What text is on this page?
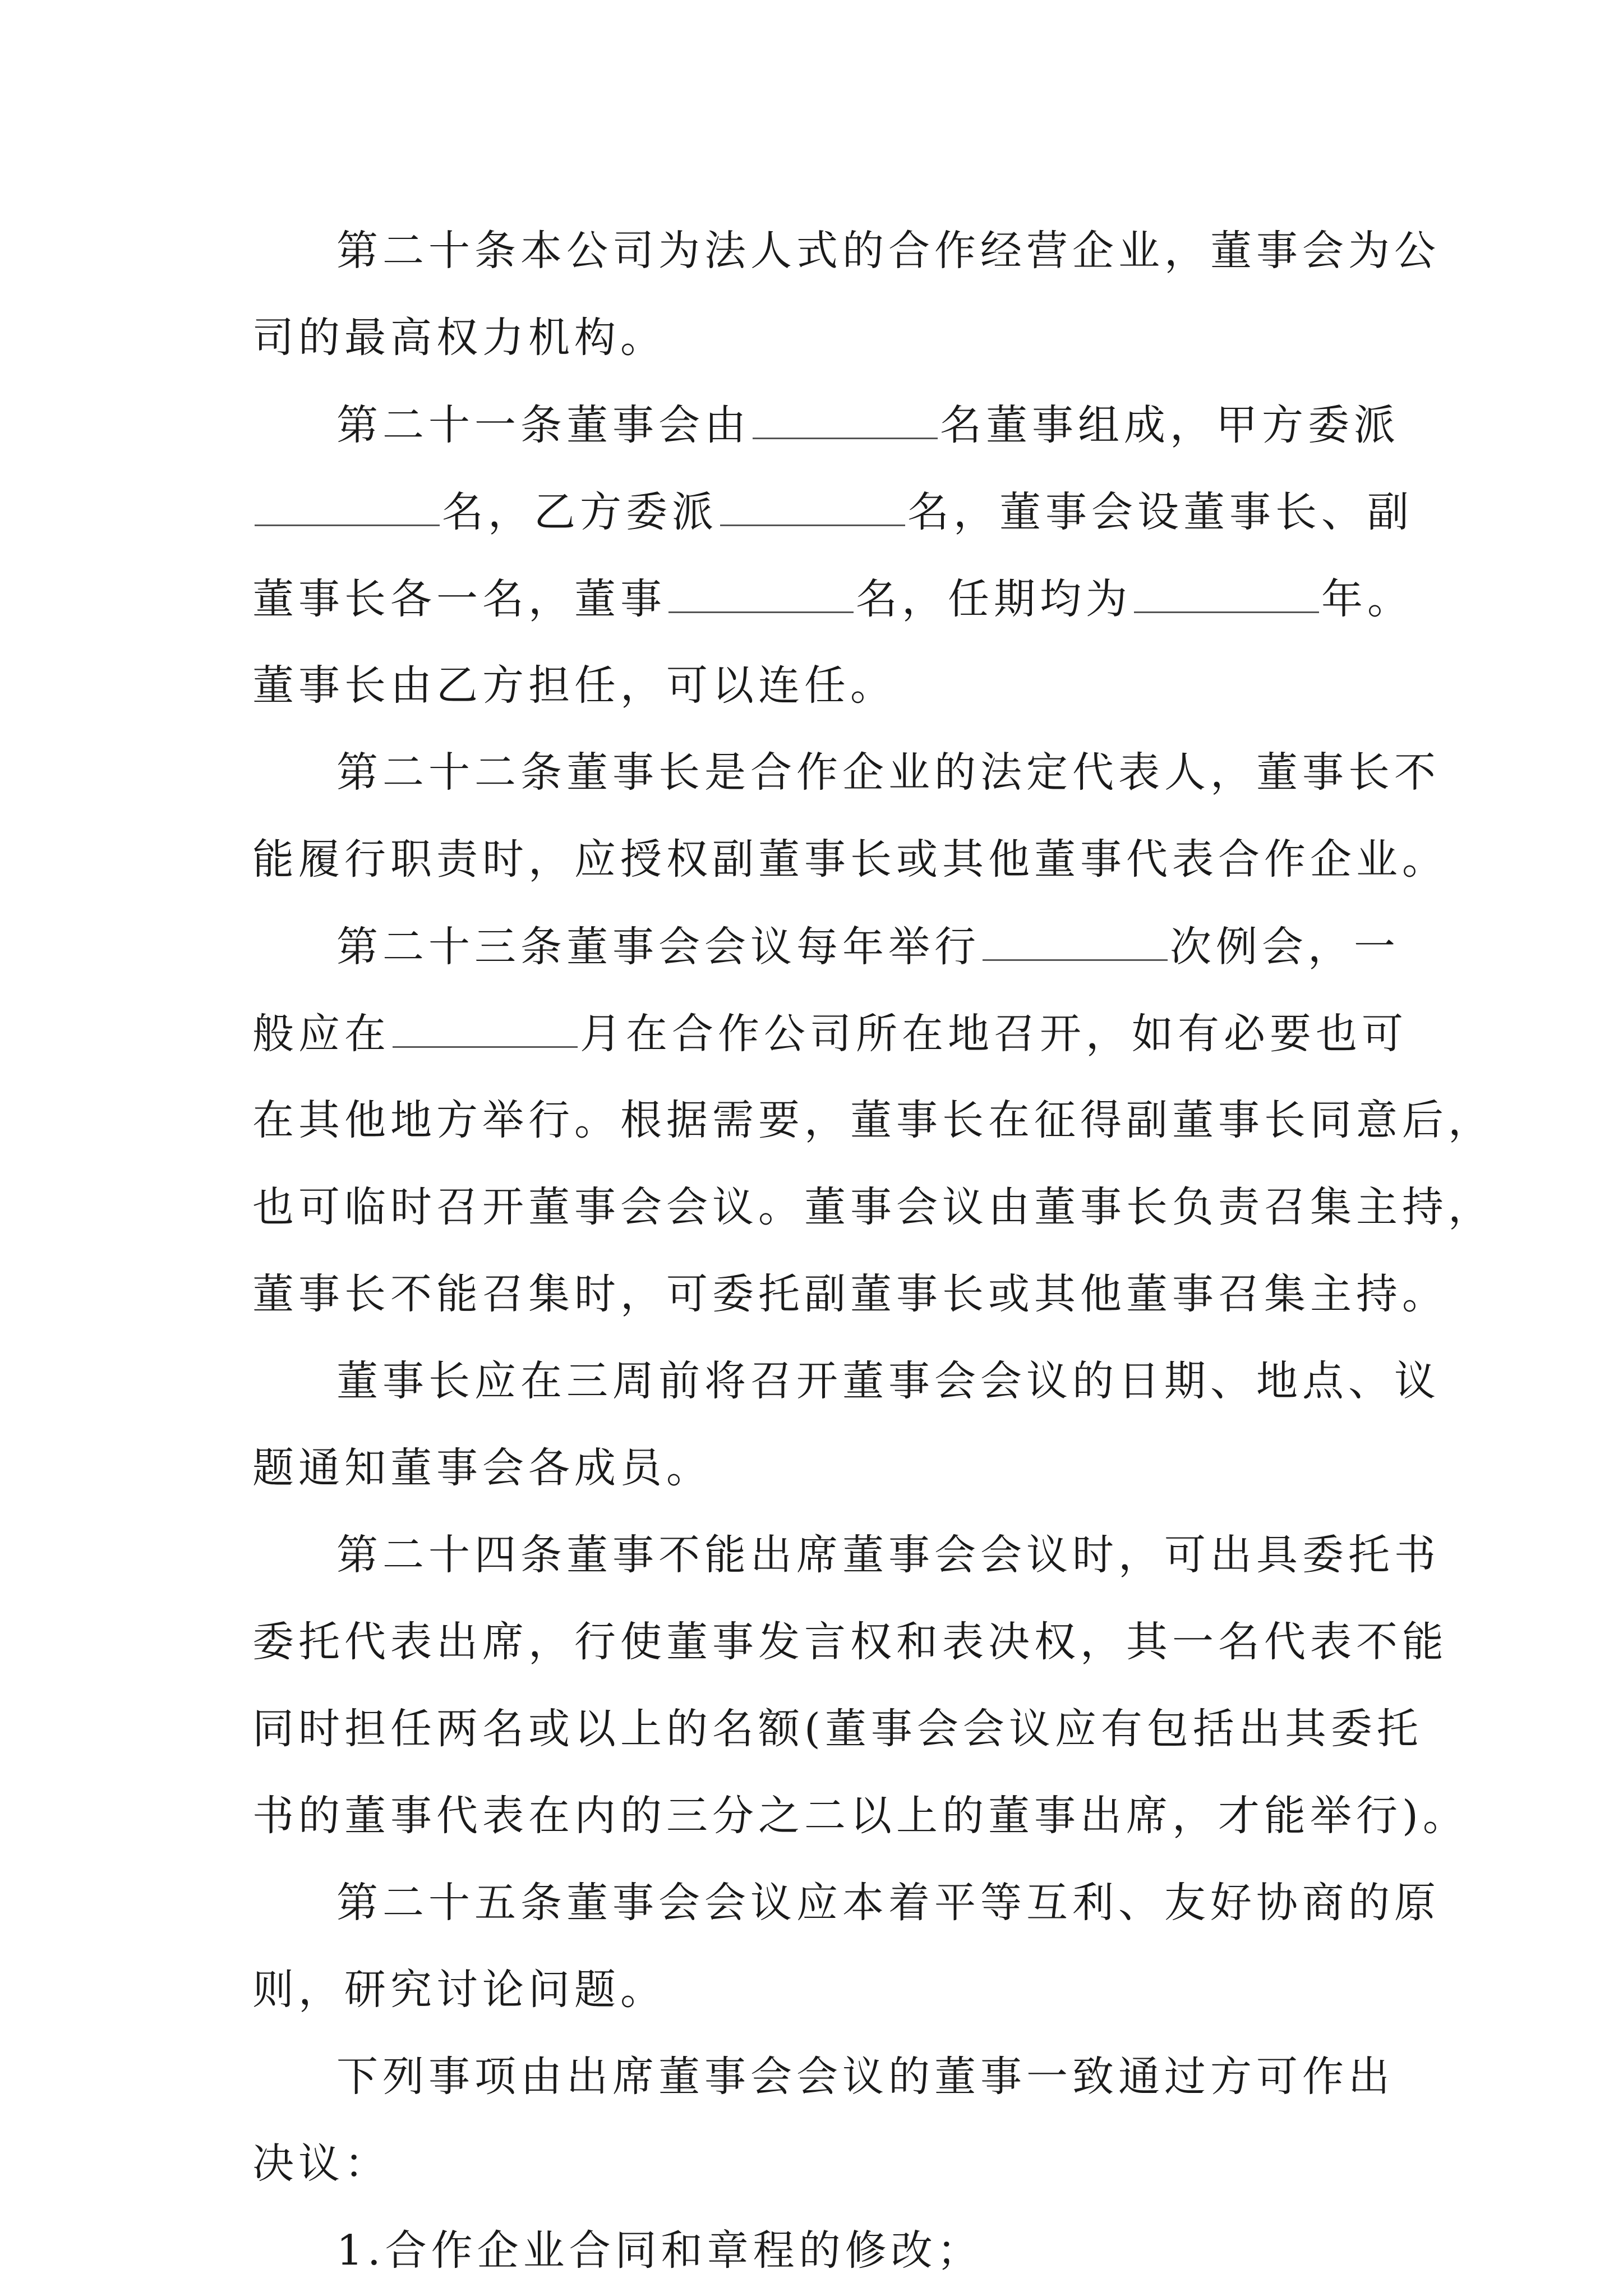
第二十条本公司为法人式的合作经营企业，董事会为公
司的最高权力机构。
第二十一条董事会由	名董事组成，甲方委派
名，乙方委派	名，董事会设董事长、副
董事长各一名，董事	名，任期均为	年。
董事长由乙方担任，可以连任。
第二十二条董事长是合作企业的法定代表人，董事长不
能履行职责时，应授权副董事长或其他董事代表合作企业。
第二十三条董事会会议每年举行	次例会，一
般应在	月在合作公司所在地召开，如有必要也可
在其他地方举行。根据需要，董事长在征得副董事长同意后，
也可临时召开董事会会议。董事会议由董事长负责召集主持，
董事长不能召集时，可委托副董事长或其他董事召集主持。
董事长应在三周前将召开董事会会议的日期、地点、议
题通知董事会各成员。
第二十四条董事不能出席董事会会议时，可出具委托书
委托代表出席，行使董事发言权和表决权，其一名代表不能
同时担任两名或以上的名额(董事会会议应有包括出其委托
书的董事代表在内的三分之二以上的董事出席，才能举行)。
第二十五条董事会会议应本着平等互利、友好协商的原
则，研究讨论问题。
下列事项由出席董事会会议的董事一致通过方可作出
决议：
1.合作企业合同和章程的修改；
